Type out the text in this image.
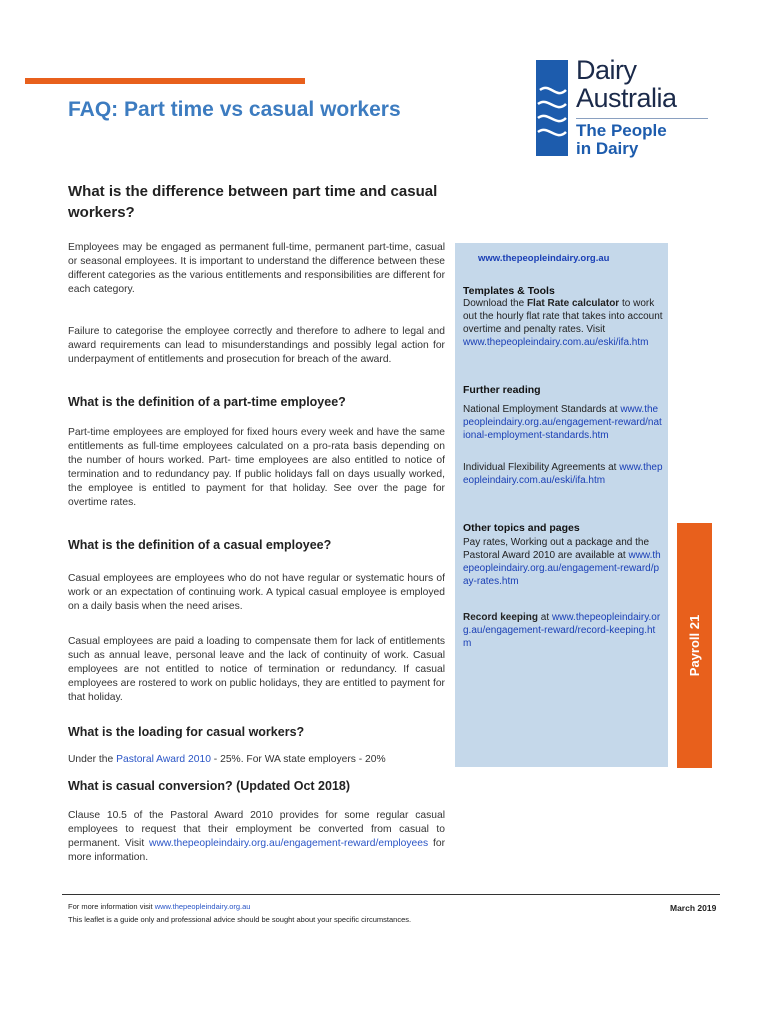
FAQ: Part time vs casual workers
Dairy
Australia
The People
in Dairy
What is the difference between part time and casual workers?
Employees may be engaged as permanent full-time, permanent part-time, casual or seasonal employees. It is important to understand the difference between these different categories as the various entitlements and responsibilities are different for each category.
Failure to categorise the employee correctly and therefore to adhere to legal and award requirements can lead to misunderstandings and possibly legal action for underpayment of entitlements and prosecution for breach of the award.
What is the definition of a part-time employee?
Part-time employees are employed for fixed hours every week and have the same entitlements as full-time employees calculated on a pro-rata basis depending on the number of hours worked. Part- time employees are also entitled to notice of termination and to redundancy pay. If public holidays fall on days usually worked, the employee is entitled to payment for that holiday. See over the page for overtime rates.
What is the definition of a casual employee?
Casual employees are employees who do not have regular or systematic hours of work or an expectation of continuing work. A typical casual employee is employed on a daily basis when the need arises.
Casual employees are paid a loading to compensate them for lack of entitlements such as annual leave, personal leave and the lack of continuity of work. Casual employees are not entitled to notice of termination or redundancy. If casual employees are rostered to work on public holidays, they are entitled to payment for that holiday.
What is the loading for casual workers?
Under the Pastoral Award 2010 - 25%. For WA state employers - 20%
What is casual conversion? (Updated Oct 2018)
Clause 10.5 of the Pastoral Award 2010 provides for some regular casual employees to request that their employment be converted from casual to permanent. Visit www.thepeopleindairy.org.au/engagement-reward/employees for more information.
www.thepeopleindairy.org.au
Templates & Tools
Download the Flat Rate calculator to work out the hourly flat rate that takes into account overtime and penalty rates. Visit www.thepeopleindairy.com.au/eski/ifa.htm
Further reading
National Employment Standards at www.thepeopleindairy.org.au/engagement-reward/national-employment-standards.htm
Individual Flexibility Agreements at www.thepeopleindairy.com.au/eski/ifa.htm
Other topics and pages
Pay rates, Working out a package and the Pastoral Award 2010 are available at www.thepeopleindairy.org.au/engagement-reward/pay-rates.htm
Record keeping at www.thepeopleindairy.org.au/engagement-reward/record-keeping.htm	Payroll 21
For more information visit www.thepeopleindairy.org.au
This leaflet is a guide only and professional advice should be sought about your specific circumstances.
March 2019
